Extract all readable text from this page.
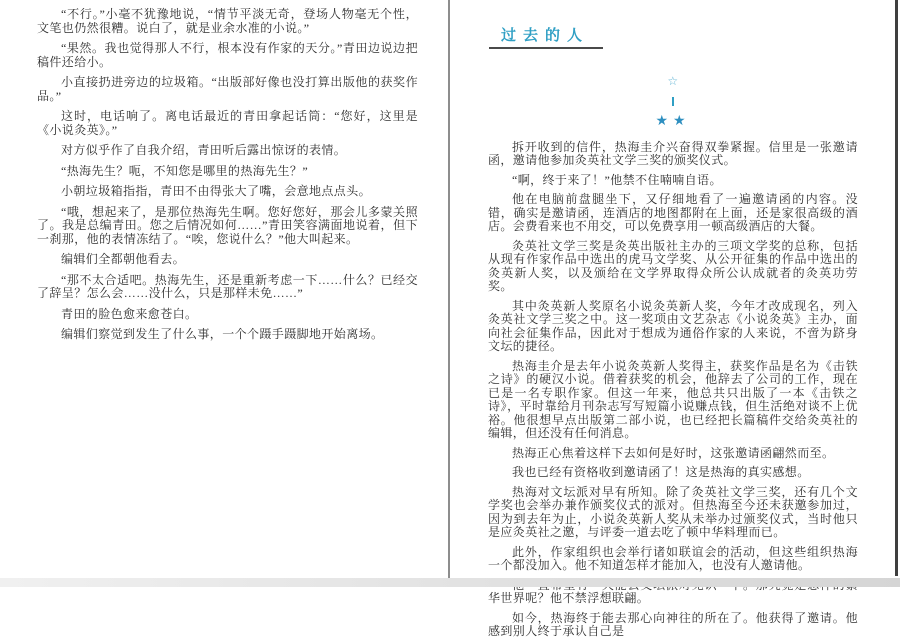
“不行。”小毫不犹豫地说，“情节平淡无奇，登场人物毫无个性，文笔也仍然很糟。说白了，就是业余水准的小说。”

“果然。我也觉得那人不行，根本没有作家的天分。”青田边说边把稿件还给小。

小直接扔进旁边的垃圾箱。“出版部好像也没打算出版他的获奖作品。”

这时，电话响了。离电话最近的青田拿起话筒：“您好，这里是《小说灸英》。”

对方似乎作了自我介绍，青田听后露出惊讶的表情。

“热海先生？呃，不知您是哪里的热海先生？”

小朝垃圾箱指指，青田不由得张大了嘴，会意地点点头。

“哦，想起来了，是那位热海先生啊。您好您好，那会儿多蒙关照了。我是总编青田。您之后情况如何……”青田笑容满面地说着，但下一刹那，他的表情冻结了。“唉，您说什么？”他大叫起来。

编辑们全都朝他看去。

“那不太合适吧。热海先生，还是重新考虑一下……什么？已经交了辞呈？怎么会……没什么，只是那样未免……”

青田的脸色愈来愈苍白。

编辑们察觉到发生了什么事，一个个蹑手蹑脚地开始离场。

过去的人
☆
★★

拆开收到的信件，热海圭介兴奋得双拳紧握。信里是一张邀请函，邀请他参加灸英社文学三奖的颁奖仪式。

“啊，终于来了！”他禁不住喃喃自语。

他在电脑前盘腿坐下，又仔细地看了一遍邀请函的内容。没错，确实是邀请函，连酒店的地图都附在上面，还是家很高级的酒店。会费看来也不用交，可以免费享用一顿高级酒店的大餐。

灸英社文学三奖是灸英出版社主办的三项文学奖的总称，包括从现有作家作品中选出的虎马文学奖、从公开征集的作品中选出的灸英新人奖，以及颁给在文学界取得众所公认成就者的灸英功劳奖。

其中灸英新人奖原名小说灸英新人奖，今年才改成现名，列入灸英社文学三奖之中。这一奖项由文艺杂志《小说灸英》主办，面向社会征集作品，因此对于想成为通俗作家的人来说，不啻为跻身文坛的捷径。

热海圭介是去年小说灸英新人奖得主，获奖作品是名为《击铁之诗》的硬汉小说。借着获奖的机会，他辞去了公司的工作，现在已是一名专职作家。但这一年来，他总共只出版了一本《击铁之诗》，平时靠给月刊杂志写写短篇小说赚点钱，但生活绝对谈不上优裕。他很想早点出版第二部小说，也已经把长篇稿件交给灸英社的编辑，但还没有任何消息。

热海正心焦着这样下去如何是好时，这张邀请函翩然而至。

我也已经有资格收到邀请函了！这是热海的真实感想。

热海对文坛派对早有所知。除了灸英社文学三奖，还有几个文学奖也会举办兼作颁奖仪式的派对。但热海至今还未获邀参加过，因为到去年为止，小说灸英新人奖从未举办过颁奖仪式，当时他只是应灸英社之邀，与评委一道去吃了顿中华料理而已。

此外，作家组织也会举行诸如联谊会的活动，但这些组织热海一个都没加入。他不知道怎样才能加入，也没有人邀请他。

华世界呢？他不禁浮想联翩。

如今，热海终于能去那心向神往的所在了。他获得了邀请。他感到别人终于承认自己是
